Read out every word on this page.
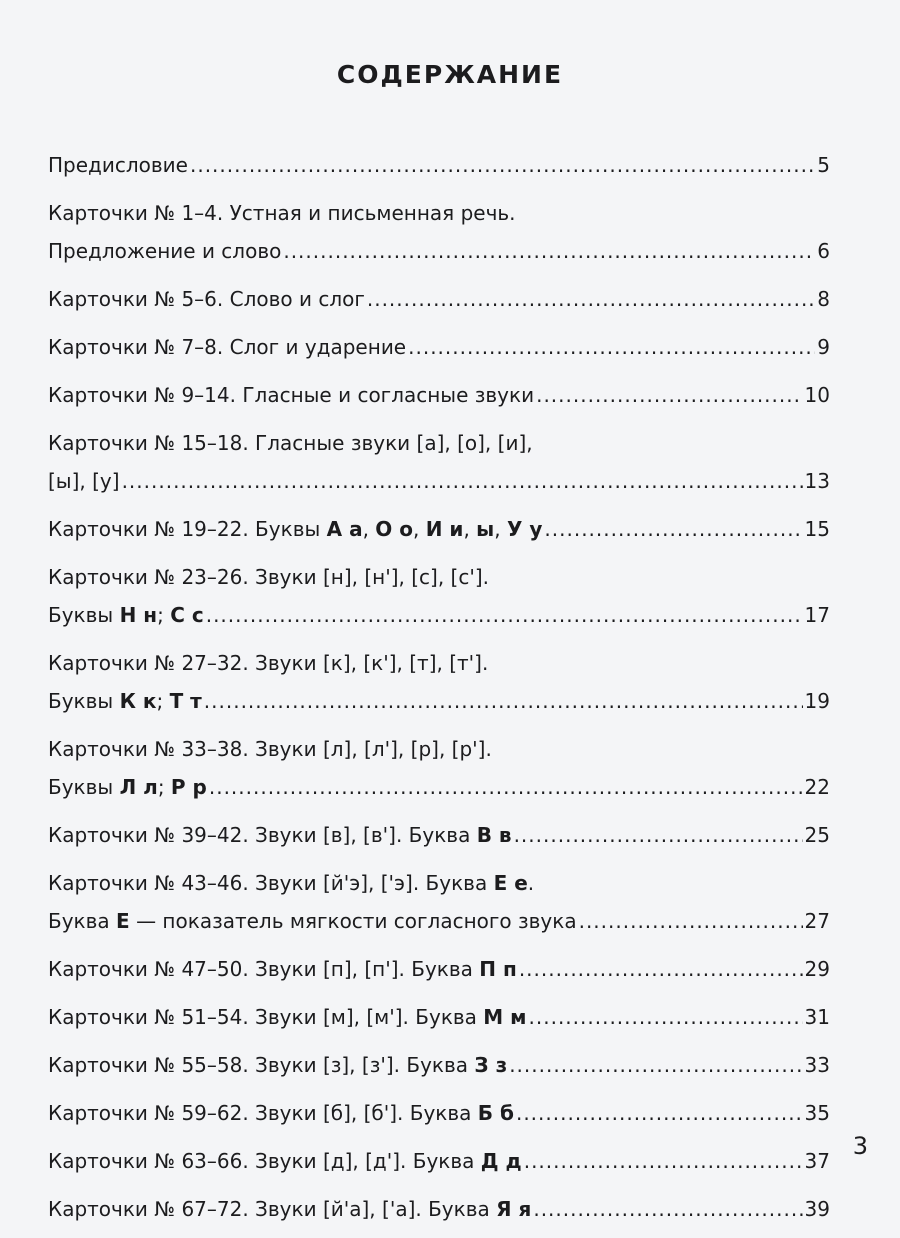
СОДЕРЖАНИЕ
Предисловие .....	5
Карточки № 1–4. Устная и письменная речь.
Предложение и слово .....	6
Карточки № 5–6. Слово и слог .....	8
Карточки № 7–8. Слог и ударение .....	9
Карточки № 9–14. Гласные и согласные звуки .....	10
Карточки № 15–18. Гласные звуки [а], [о], [и],
[ы], [у] .....	13
Карточки № 19–22. Буквы А а, О о, И и, ы, У у .....	15
Карточки № 23–26. Звуки [н], [н'], [с], [с'].
Буквы Н н; С с .....	17
Карточки № 27–32. Звуки [к], [к'], [т], [т'].
Буквы К к; Т т .....	19
Карточки № 33–38. Звуки [л], [л'], [р], [р'].
Буквы Л л; Р р .....	22
Карточки № 39–42. Звуки [в], [в']. Буква В в .....	25
Карточки № 43–46. Звуки [й'э], ['э]. Буква Е е.
Буква Е — показатель мягкости согласного звука .....	27
Карточки № 47–50. Звуки [п], [п']. Буква П п .....	29
Карточки № 51–54. Звуки [м], [м']. Буква М м .....	31
Карточки № 55–58. Звуки [з], [з']. Буква З з .....	33
Карточки № 59–62. Звуки [б], [б']. Буква Б б .....	35
Карточки № 63–66. Звуки [д], [д']. Буква Д д .....	37
Карточки № 67–72. Звуки [й'а], ['а]. Буква Я я .....	39
3
